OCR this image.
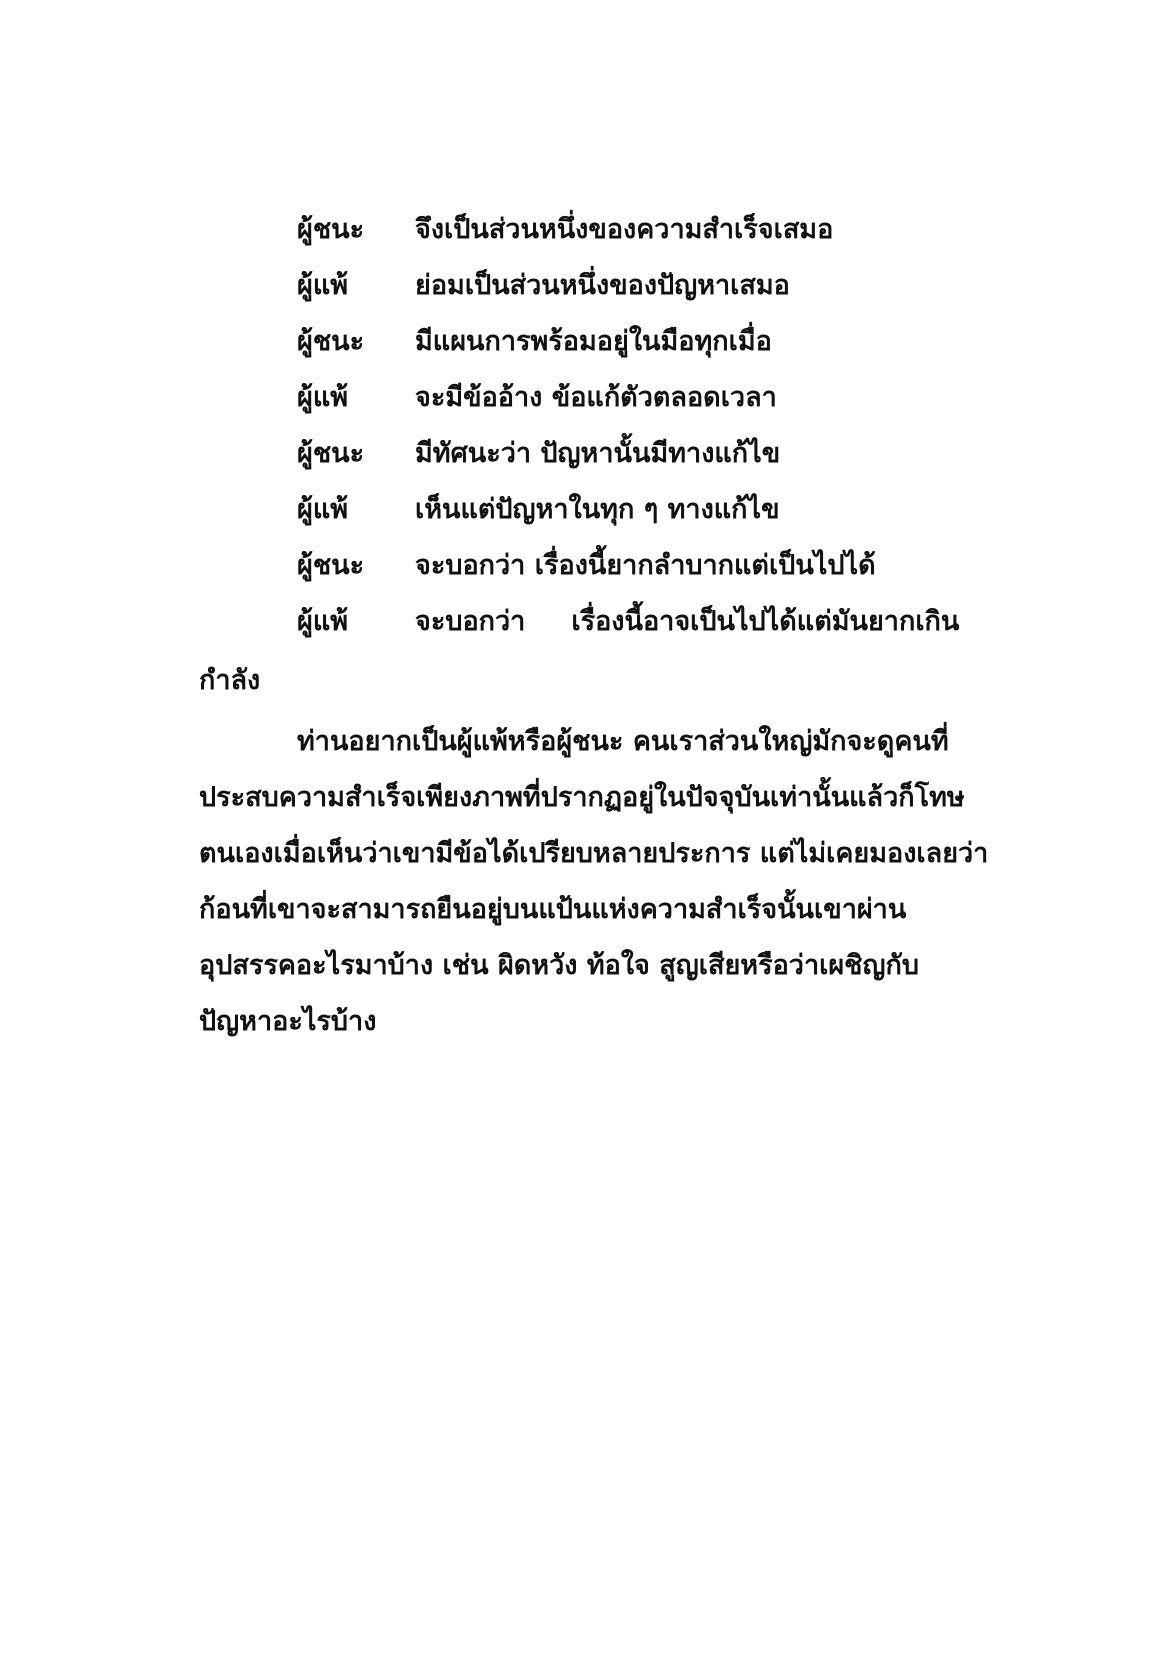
ผู้ชนะ	จึงเป็นส่วนหนึ่งของความสำเร็จเสมอ
ผู้แพ้	ย่อมเป็นส่วนหนึ่งของปัญหาเสมอ
ผู้ชนะ	มีแผนการพร้อมอยู่ในมือทุกเมื่อ
ผู้แพ้	จะมีข้ออ้าง ข้อแก้ตัวตลอดเวลา
ผู้ชนะ	มีทัศนะว่า ปัญหานั้นมีทางแก้ไข
ผู้แพ้	เห็นแต่ปัญหาในทุก ๆ ทางแก้ไข
ผู้ชนะ	จะบอกว่า เรื่องนี้ยากลำบากแต่เป็นไปได้
ผู้แพ้	จะบอกว่า เรื่องนี้อาจเป็นไปได้แต่มันยากเกิน
กำลัง
ท่านอยากเป็นผู้แพ้หรือผู้ชนะ คนเราส่วนใหญ่มักจะดูคนที่
ประสบความสำเร็จเพียงภาพที่ปรากฏอยู่ในปัจจุบันเท่านั้นแล้วก็โทษ
ตนเองเมื่อเห็นว่าเขามีข้อได้เปรียบหลายประการ แต่ไม่เคยมองเลยว่า
ก้อนที่เขาจะสามารถยืนอยู่บนแป้นแห่งความสำเร็จนั้นเขาผ่าน
อุปสรรคอะไรมาบ้าง เช่น ผิดหวัง ท้อใจ สูญเสียหรือว่าเผชิญกับ
ปัญหาอะไรบ้าง
